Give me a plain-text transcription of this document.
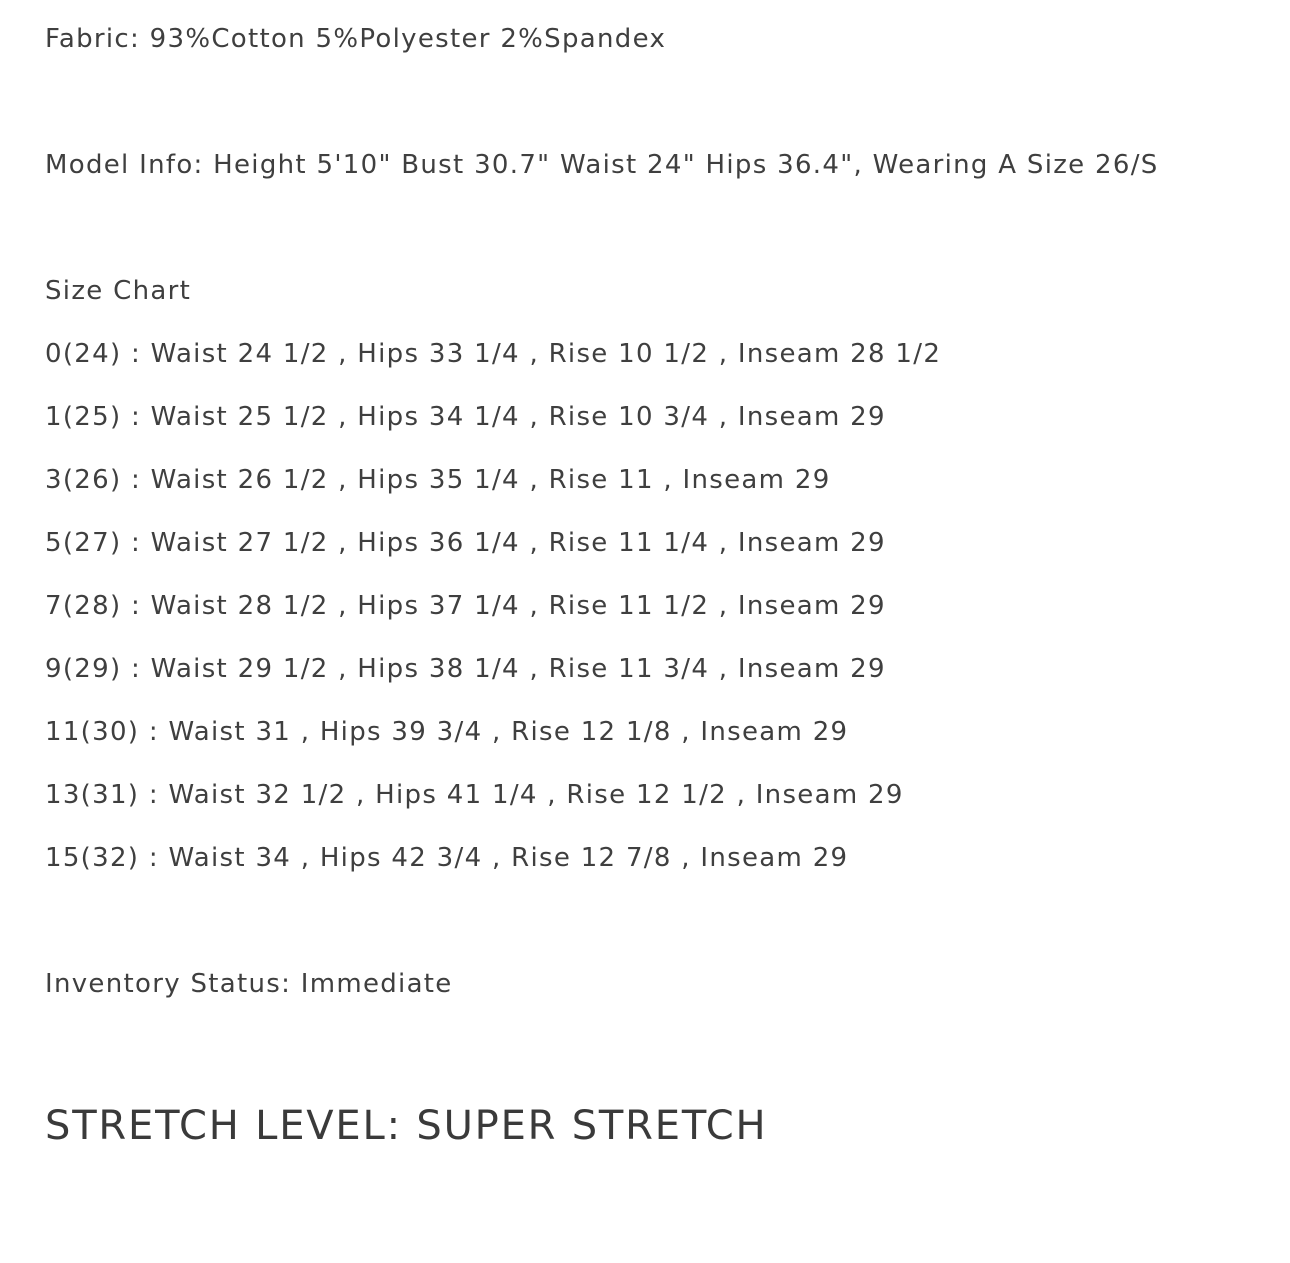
Fabric: 93%Cotton 5%Polyester 2%Spandex
Model Info: Height 5'10" Bust 30.7" Waist 24" Hips 36.4", Wearing A Size 26/S
Size Chart
0(24) : Waist 24 1/2 , Hips 33 1/4 , Rise 10 1/2 , Inseam 28 1/2
1(25) : Waist 25 1/2 , Hips 34 1/4 , Rise 10 3/4 , Inseam 29
3(26) : Waist 26 1/2 , Hips 35 1/4 , Rise 11 , Inseam 29
5(27) : Waist 27 1/2 , Hips 36 1/4 , Rise 11 1/4 , Inseam 29
7(28) : Waist 28 1/2 , Hips 37 1/4 , Rise 11 1/2 , Inseam 29
9(29) : Waist 29 1/2 , Hips 38 1/4 , Rise 11 3/4 , Inseam 29
11(30) : Waist 31 , Hips 39 3/4 , Rise 12 1/8 , Inseam 29
13(31) : Waist 32 1/2 , Hips 41 1/4 , Rise 12 1/2 , Inseam 29
15(32) : Waist 34 , Hips 42 3/4 , Rise 12 7/8 , Inseam 29
Inventory Status: Immediate
STRETCH LEVEL: SUPER STRETCH
